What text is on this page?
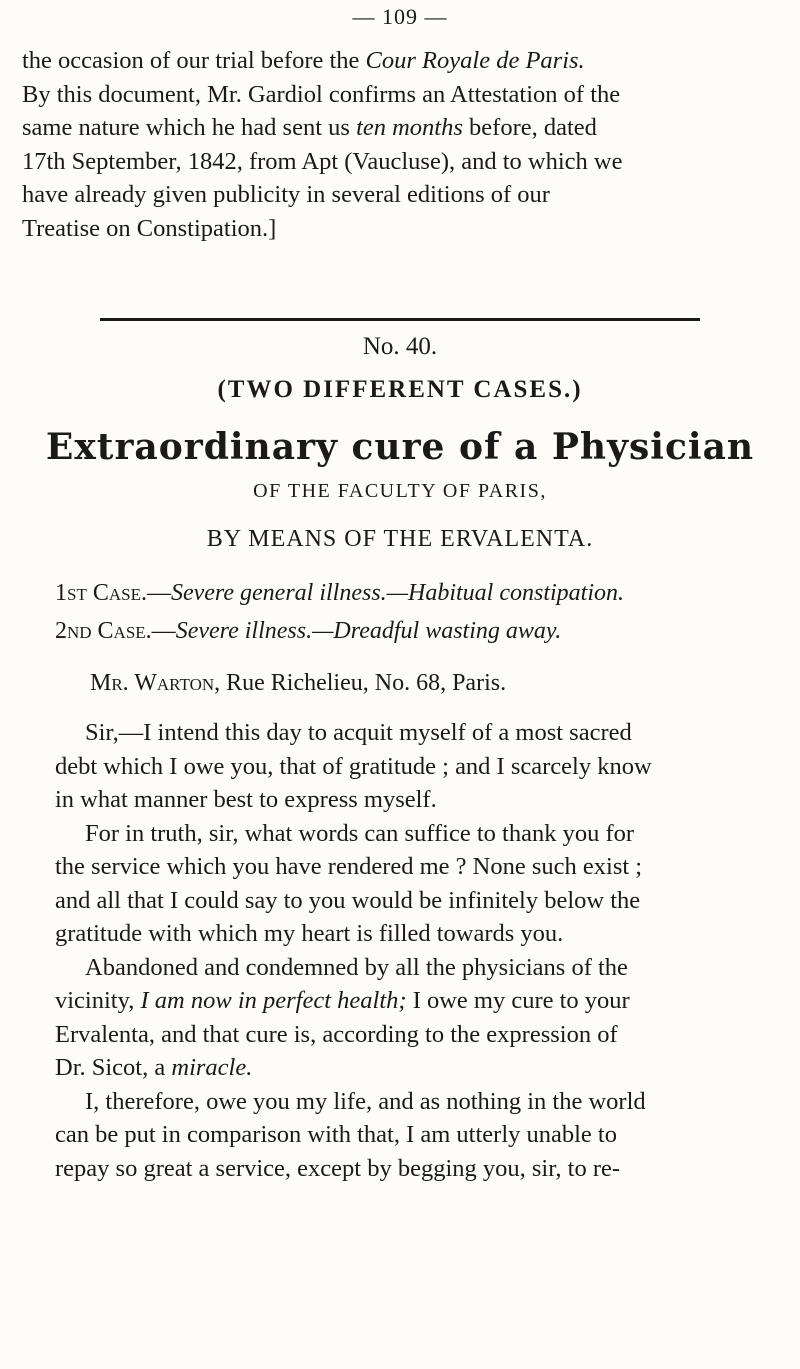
— 109 —
the occasion of our trial before the Cour Royale de Paris.
By this document, Mr. Gardiol confirms an Attestation of the
same nature which he had sent us ten months before, dated
17th September, 1842, from Apt (Vaucluse), and to which we
have already given publicity in several editions of our
Treatise on Constipation.]
No. 40.
(TWO DIFFERENT CASES.)
Extraordinary cure of a Physician
OF THE FACULTY OF PARIS,
BY MEANS OF THE ERVALENTA.
1st Case.—Severe general illness.—Habitual constipation.
2nd Case.—Severe illness.—Dreadful wasting away.
Mr. Warton, Rue Richelieu, No. 68, Paris.
Sir,—I intend this day to acquit myself of a most sacred
debt which I owe you, that of gratitude ; and I scarcely know
in what manner best to express myself.
For in truth, sir, what words can suffice to thank you for
the service which you have rendered me ? None such exist ;
and all that I could say to you would be infinitely below the
gratitude with which my heart is filled towards you.
Abandoned and condemned by all the physicians of the
vicinity, I am now in perfect health; I owe my cure to your
Ervalenta, and that cure is, according to the expression of
Dr. Sicot, a miracle.
I, therefore, owe you my life, and as nothing in the world
can be put in comparison with that, I am utterly unable to
repay so great a service, except by begging you, sir, to re-
